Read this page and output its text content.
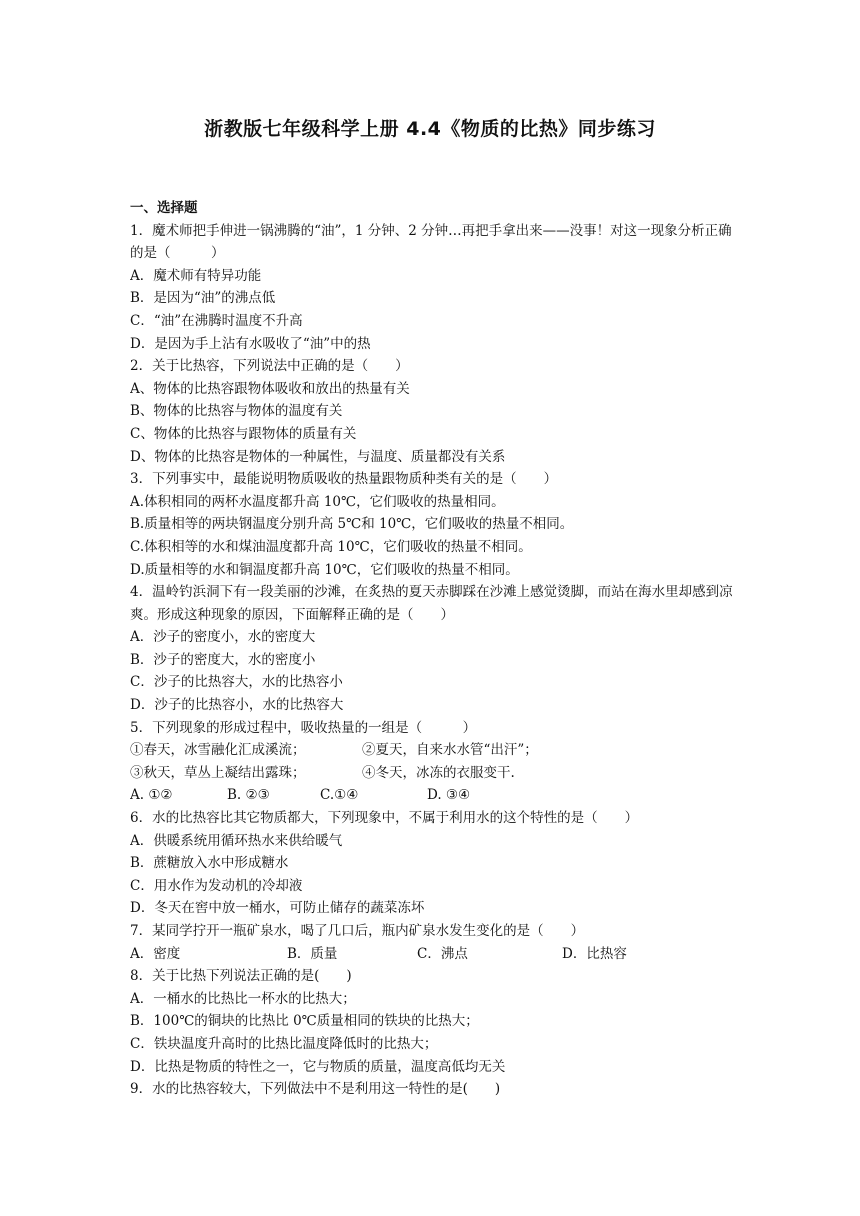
浙教版七年级科学上册 4.4《物质的比热》同步练习
一、选择题
1．魔术师把手伸进一锅沸腾的“油”，1 分钟、2 分钟…再把手拿出来——没事！对这一现象分析正确的是（　　　）
A．魔术师有特异功能
B．是因为“油”的沸点低
C．“油”在沸腾时温度不升高
D．是因为手上沾有水吸收了“油”中的热
2．关于比热容，下列说法中正确的是（　　）
A、物体的比热容跟物体吸收和放出的热量有关
B、物体的比热容与物体的温度有关
C、物体的比热容与跟物体的质量有关
D、物体的比热容是物体的一种属性，与温度、质量都没有关系
3．下列事实中，最能说明物质吸收的热量跟物质种类有关的是（　　）
A.体积相同的两杯水温度都升高 10℃，它们吸收的热量相同。
B.质量相等的两块钢温度分别升高 5℃和 10℃，它们吸收的热量不相同。
C.体积相等的水和煤油温度都升高 10℃，它们吸收的热量不相同。
D.质量相等的水和铜温度都升高 10℃，它们吸收的热量不相同。
4．温岭钓浜洞下有一段美丽的沙滩，在炙热的夏天赤脚踩在沙滩上感觉烫脚，而站在海水里却感到凉爽。形成这种现象的原因，下面解释正确的是（　　）
A．沙子的密度小，水的密度大
B．沙子的密度大，水的密度小
C．沙子的比热容大，水的比热容小
D．沙子的比热容小，水的比热容大
5．下列现象的形成过程中，吸收热量的一组是（　　　）
①春天，冰雪融化汇成溪流；	②夏天，自来水水管“出汗”；
③秋天，草丛上凝结出露珠；	④冬天，冰冻的衣服变干.
A. ①②	B. ②③	C.①④	D. ③④
6．水的比热容比其它物质都大，下列现象中，不属于利用水的这个特性的是（　　）
A．供暖系统用循环热水来供给暖气
B．蔗糖放入水中形成糖水
C．用水作为发动机的冷却液
D．冬天在窖中放一桶水，可防止储存的蔬菜冻坏
7．某同学拧开一瓶矿泉水，喝了几口后，瓶内矿泉水发生变化的是（　　）
A．密度	B．质量	C．沸点	D．比热容
8．关于比热下列说法正确的是(　　)
A．一桶水的比热比一杯水的比热大；
B．100℃的铜块的比热比 0℃质量相同的铁块的比热大；
C．铁块温度升高时的比热比温度降低时的比热大；
D．比热是物质的特性之一，它与物质的质量，温度高低均无关
9．水的比热容较大，下列做法中不是利用这一特性的是(　　)
